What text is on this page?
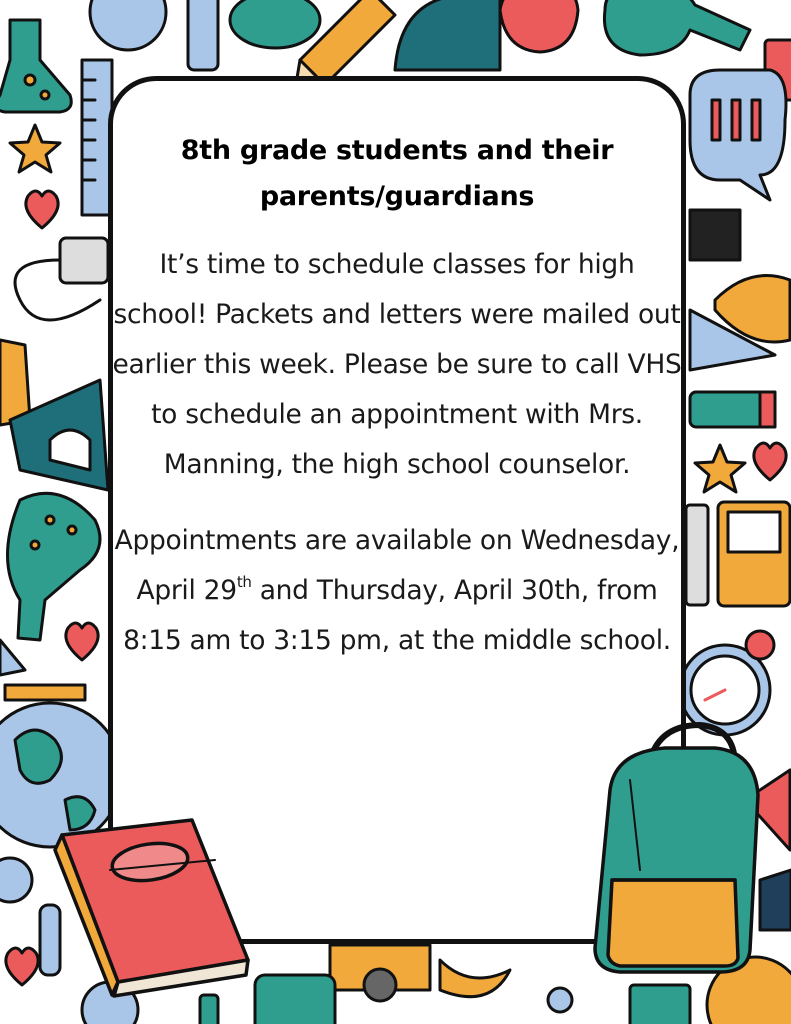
8th grade students and their parents/guardians

It’s time to schedule classes for high school! Packets and letters were mailed out earlier this week. Please be sure to call VHS to schedule an appointment with Mrs. Manning, the high school counselor.

Appointments are available on Wednesday, April 29th and Thursday, April 30th, from 8:15 am to 3:15 pm, at the middle school.
